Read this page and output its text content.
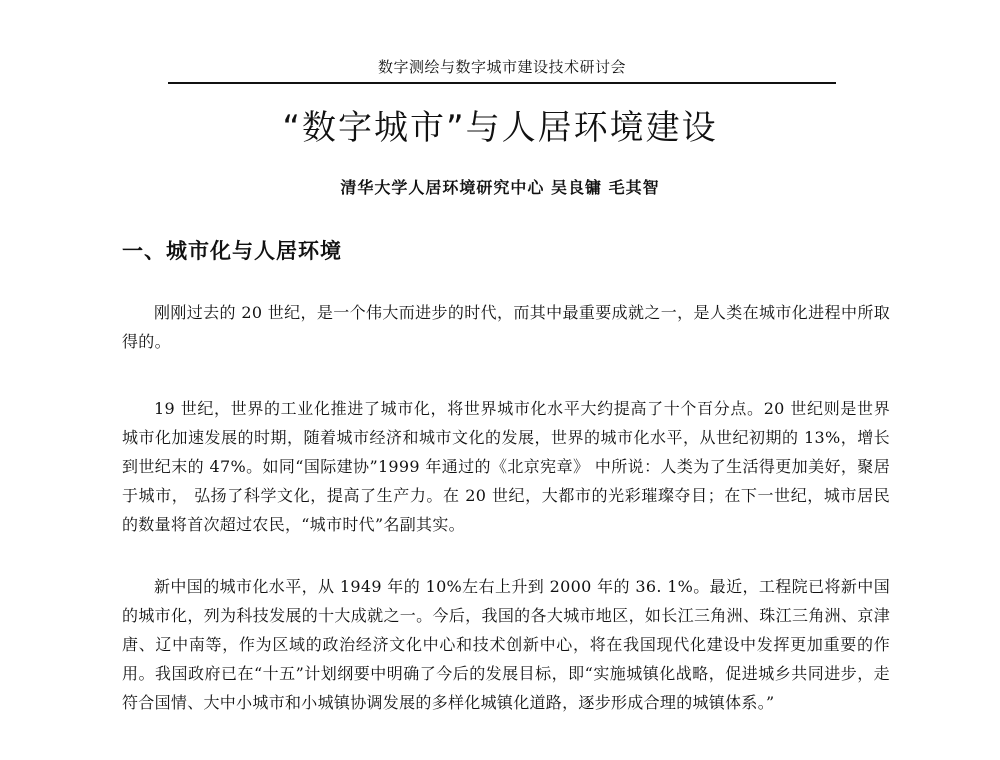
数字测绘与数字城市建设技术研讨会
“数字城市”与人居环境建设
清华大学人居环境研究中心 吴良镛 毛其智
一、城市化与人居环境

刚刚过去的 20 世纪，是一个伟大而进步的时代，而其中最重要成就之一，是人类在城市化进程中所取得的。

19 世纪，世界的工业化推进了城市化，将世界城市化水平大约提高了十个百分点。20 世纪则是世界城市化加速发展的时期，随着城市经济和城市文化的发展，世界的城市化水平，从世纪初期的 13%，增长到世纪末的 47%。如同“国际建协”1999 年通过的《北京宪章》 中所说：人类为了生活得更加美好，聚居于城市， 弘扬了科学文化，提高了生产力。在 20 世纪，大都市的光彩璀璨夺目；在下一世纪，城市居民的数量将首次超过农民，“城市时代”名副其实。

新中国的城市化水平，从 1949 年的 10%左右上升到 2000 年的 36. 1%。最近，工程院已将新中国的城市化，列为科技发展的十大成就之一。今后，我国的各大城市地区，如长江三角洲、珠江三角洲、京津唐、辽中南等，作为区域的政治经济文化中心和技术创新中心，将在我国现代化建设中发挥更加重要的作用。我国政府已在“十五”计划纲要中明确了今后的发展目标，即“实施城镇化战略，促进城乡共同进步，走符合国情、大中小城市和小城镇协调发展的多样化城镇化道路，逐步形成合理的城镇体系。”
